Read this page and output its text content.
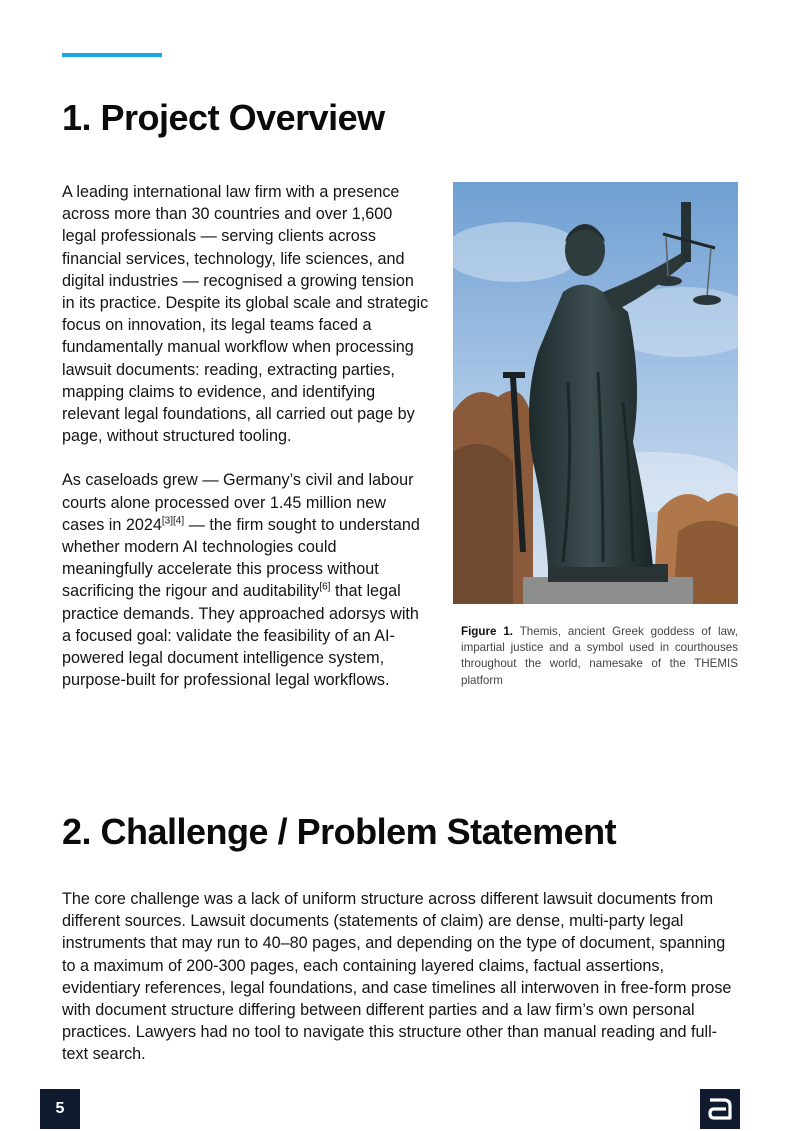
1. Project Overview

A leading international law firm with a presence across more than 30 countries and over 1,600 legal professionals — serving clients across financial services, technology, life sciences, and digital industries — recognised a growing tension in its practice. Despite its global scale and strategic focus on innovation, its legal teams faced a fundamentally manual workflow when processing lawsuit documents: reading, extracting parties, mapping claims to evidence, and identifying relevant legal foundations, all carried out page by page, without structured tooling.

As caseloads grew — Germany’s civil and labour courts alone processed over 1.45 million new cases in 2024[3][4] — the firm sought to understand whether modern AI technologies could meaningfully accelerate this process without sacrificing the rigour and auditability[6] that legal practice demands. They approached adorsys with a focused goal: validate the feasibility of an AI-powered legal document intelligence system, purpose-built for professional legal workflows.

Figure 1. Themis, ancient Greek goddess of law, impartial justice and a symbol used in courthouses throughout the world, namesake of the THEMIS platform
2. Challenge / Problem Statement
The core challenge was a lack of uniform structure across different lawsuit documents from different sources. Lawsuit documents (statements of claim) are dense, multi-party legal instruments that may run to 40–80 pages, and depending on the type of document, spanning to a maximum of 200-300 pages, each containing layered claims, factual assertions, evidentiary references, legal foundations, and case timelines all interwoven in free-form prose with document structure differing between different parties and a law firm’s own personal practices. Lawyers had no tool to navigate this structure other than manual reading and full-text search.
5
